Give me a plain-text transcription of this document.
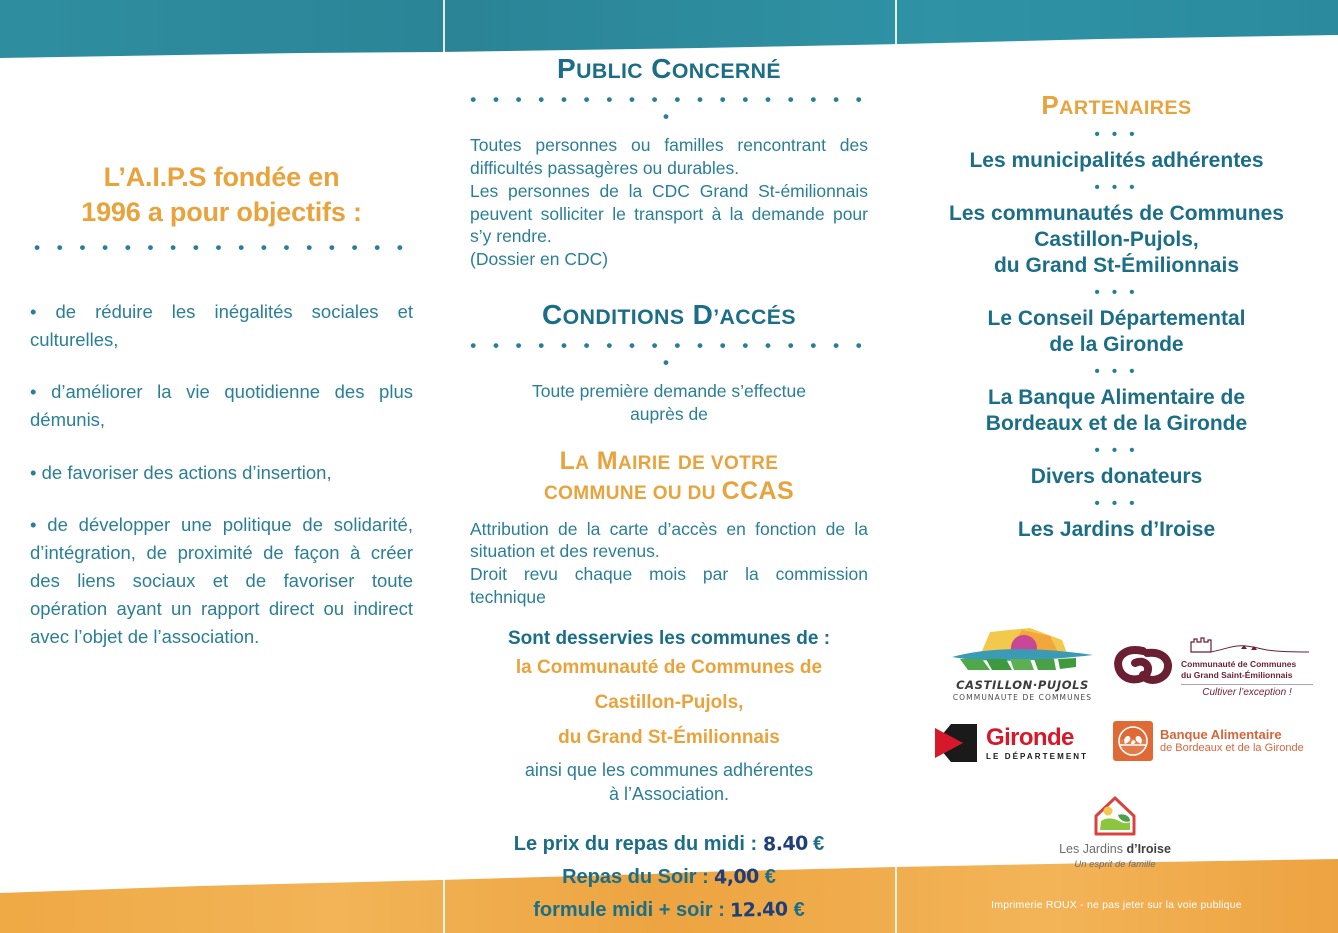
L’A.I.P.S fondée en
1996 a pour objectifs :
• • • • • • • • • • • • • • • • •

• de réduire les inégalités sociales et culturelles,

• d’améliorer la vie quotidienne des plus démunis,

• de favoriser des actions d’insertion,

• de développer une politique de solidarité, d’intégration, de proximité de façon à créer des liens sociaux et de favoriser toute opération ayant un rapport direct ou indirect avec l’objet de l’association.

PUBLIC CONCERNÉ
• • • • • • • • • • • • • • • • • • •
Toutes personnes ou familles rencontrant des difficultés passagères ou durables.
Les personnes de la CDC Grand St-émilionnais peuvent solliciter le transport à la demande pour s’y rendre.
(Dossier en CDC)
CONDITIONS D’ACCÉS
• • • • • • • • • • • • • • • • • • •
Toute première demande s’effectue
auprès de
LA MAIRIE DE VOTRE
COMMUNE OU DU CCAS
Attribution de la carte d’accès en fonction de la situation et des revenus.
Droit revu chaque mois par la commission technique
Sont desservies les communes de :
la Communauté de Communes de
Castillon-Pujols,
du Grand St-Émilionnais
ainsi que les communes adhérentes
à l’Association.
Le prix du repas du midi : 8.40 €
Repas du Soir : 4,00 €
formule midi + soir : 12.40 €
PARTENAIRES
• • •
Les municipalités adhérentes
• • •
Les communautés de Communes
Castillon-Pujols,
du Grand St-Émilionnais
• • •
Le Conseil Départemental
de la Gironde
• • •
La Banque Alimentaire de
Bordeaux et de la Gironde
• • •
Divers donateurs
• • •
Les Jardins d’Iroise
CASTILLON·PUJOLS
COMMUNAUTE DE COMMUNES
Communauté de Communes
du Grand Saint-Émilionnais
Cultiver l’exception !
Gironde
LE DÉPARTEMENT
Banque Alimentaire
de Bordeaux et de la Gironde
Les Jardins d’Iroise
Un esprit de famille
Imprimerie ROUX - ne pas jeter sur la voie publique
